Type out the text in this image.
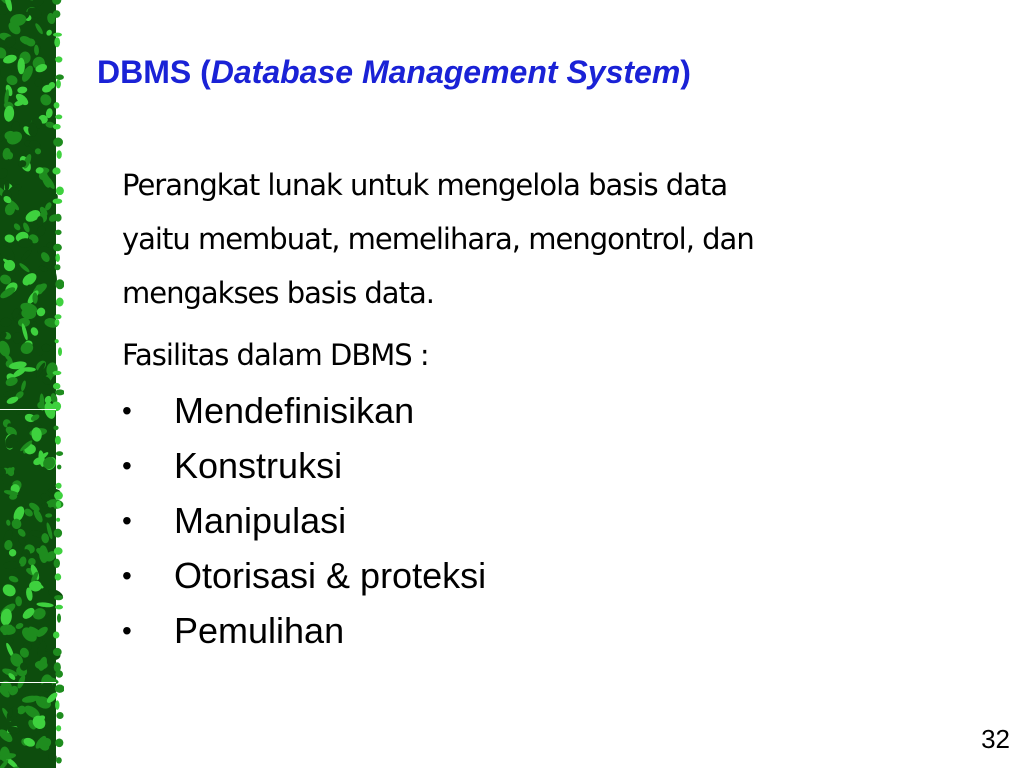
DBMS (Database Management System)

Perangkat lunak untuk mengelola basis data
yaitu membuat, memelihara, mengontrol, dan
mengakses basis data.

Fasilitas dalam DBMS :

•	Mendefinisikan
•	Konstruksi
•	Manipulasi
•	Otorisasi & proteksi
•	Pemulihan
32
